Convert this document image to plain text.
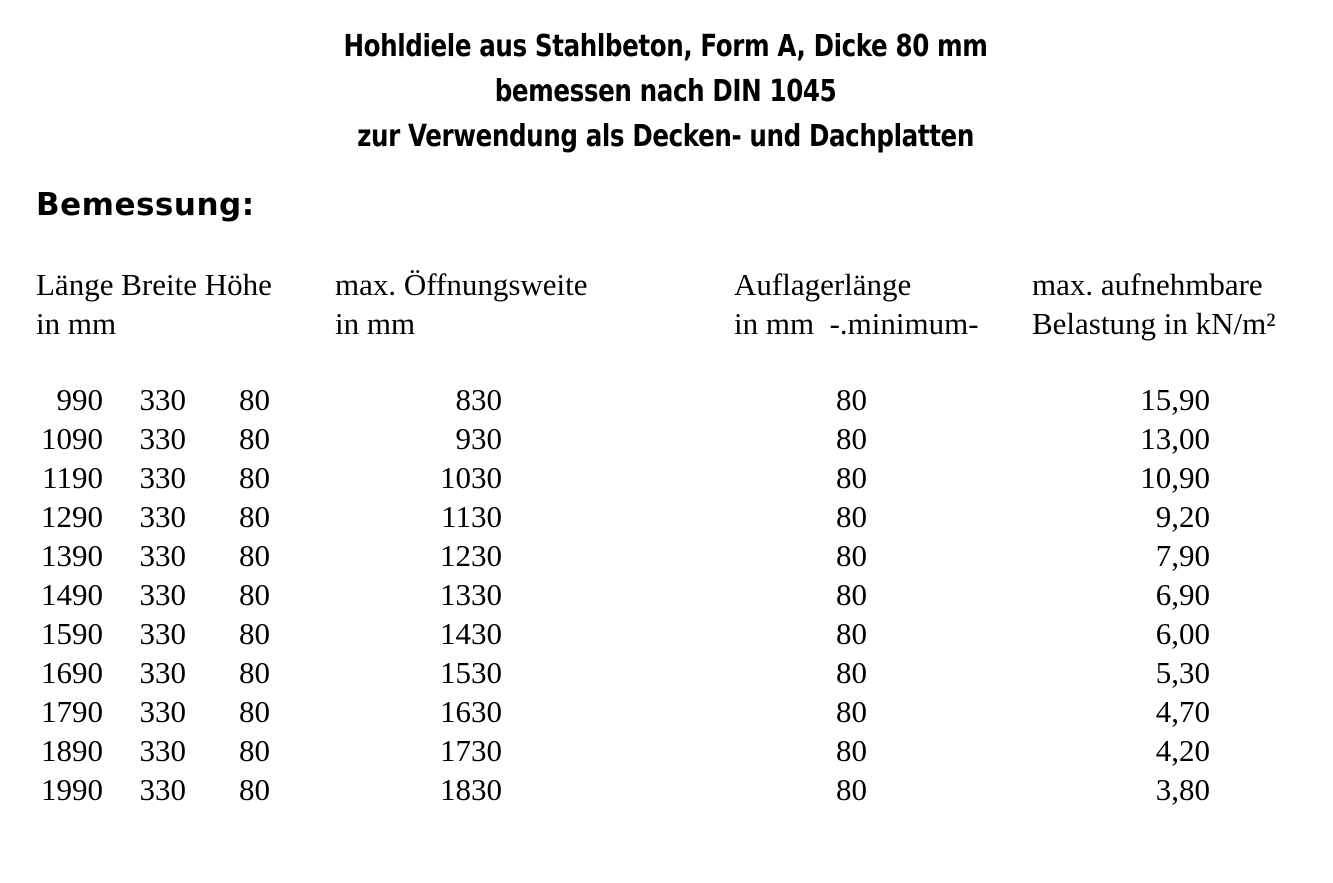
Hohldiele aus Stahlbeton, Form A, Dicke 80 mm
bemessen nach DIN 1045
zur Verwendung als Decken- und Dachplatten
Bemessung:
Länge Breite Höhe
in mm
max. Öffnungsweite
in mm
Auflagerlänge
in mm  -.minimum-
max. aufnehmbare
Belastung in kN/m²
990
1090
1190
1290
1390
1490
1590
1690
1790
1890
1990
330
330
330
330
330
330
330
330
330
330
330
80
80
80
80
80
80
80
80
80
80
80
830
930
1030
1130
1230
1330
1430
1530
1630
1730
1830
80
80
80
80
80
80
80
80
80
80
80
15,90
13,00
10,90
9,20
7,90
6,90
6,00
5,30
4,70
4,20
3,80
